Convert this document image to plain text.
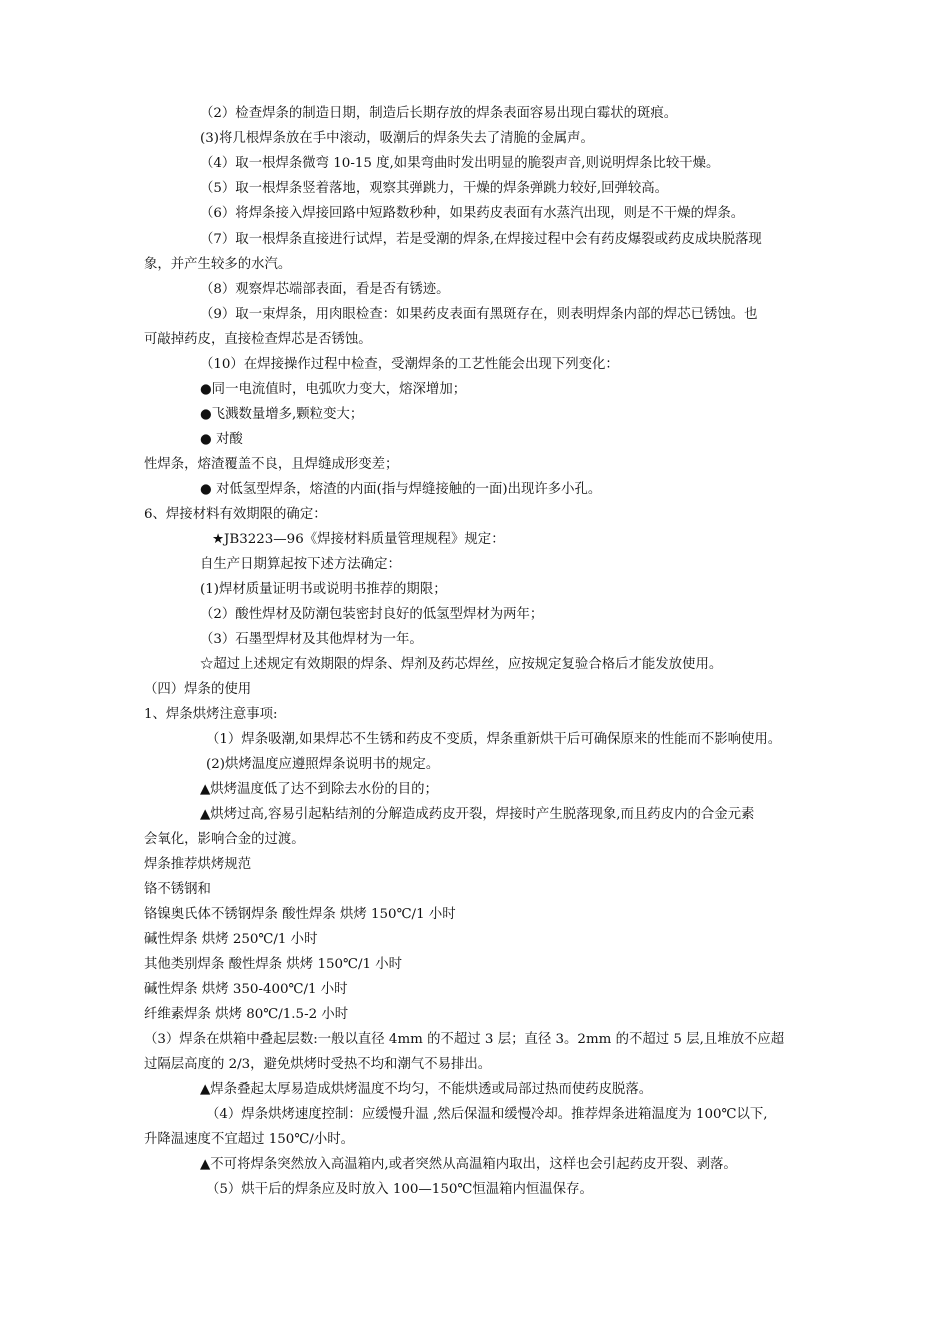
（2）检查焊条的制造日期，制造后长期存放的焊条表面容易出现白霉状的斑痕。
(3)将几根焊条放在手中滚动，吸潮后的焊条失去了清脆的金属声。
（4）取一根焊条微弯 10-15 度,如果弯曲时发出明显的脆裂声音,则说明焊条比较干燥。
（5）取一根焊条竖着落地，观察其弹跳力，干燥的焊条弹跳力较好,回弹较高。
（6）将焊条接入焊接回路中短路数秒种，如果药皮表面有水蒸汽出现，则是不干燥的焊条。
（7）取一根焊条直接进行试焊，若是受潮的焊条,在焊接过程中会有药皮爆裂或药皮成块脱落现
象，并产生较多的水汽。
（8）观察焊芯端部表面，看是否有锈迹。
（9）取一束焊条，用肉眼检查：如果药皮表面有黑斑存在，则表明焊条内部的焊芯已锈蚀。也
可敲掉药皮，直接检查焊芯是否锈蚀。
（10）在焊接操作过程中检查，受潮焊条的工艺性能会出现下列变化：
●同一电流值时，电弧吹力变大，熔深增加；
●飞溅数量增多,颗粒变大；
● 对酸
性焊条，熔渣覆盖不良，且焊缝成形变差；
● 对低氢型焊条，熔渣的内面(指与焊缝接触的一面)出现许多小孔。
6、焊接材料有效期限的确定：
★JB3223—96《焊接材料质量管理规程》规定：
自生产日期算起按下述方法确定：
(1)焊材质量证明书或说明书推荐的期限；
（2）酸性焊材及防潮包装密封良好的低氢型焊材为两年；
（3）石墨型焊材及其他焊材为一年。
☆超过上述规定有效期限的焊条、焊剂及药芯焊丝，应按规定复验合格后才能发放使用。
（四）焊条的使用
1、焊条烘烤注意事项:
（1）焊条吸潮,如果焊芯不生锈和药皮不变质，焊条重新烘干后可确保原来的性能而不影响使用。
(2)烘烤温度应遵照焊条说明书的规定。
▲烘烤温度低了达不到除去水份的目的；
▲烘烤过高,容易引起粘结剂的分解造成药皮开裂，焊接时产生脱落现象,而且药皮内的合金元素
会氧化，影响合金的过渡。
焊条推荐烘烤规范
铬不锈钢和
铬镍奥氏体不锈钢焊条 酸性焊条 烘烤 150℃/1 小时
碱性焊条 烘烤 250℃/1 小时
其他类别焊条 酸性焊条 烘烤 150℃/1 小时
碱性焊条 烘烤 350-400℃/1 小时
纤维素焊条 烘烤 80℃/1.5-2 小时
（3）焊条在烘箱中叠起层数:一般以直径 4mm 的不超过 3 层；直径 3。2mm 的不超过 5 层,且堆放不应超
过隔层高度的 2/3，避免烘烤时受热不均和潮气不易排出。
▲焊条叠起太厚易造成烘烤温度不均匀，不能烘透或局部过热而使药皮脱落。
（4）焊条烘烤速度控制：应缓慢升温 ,然后保温和缓慢冷却。推荐焊条进箱温度为 100℃以下,
升降温速度不宜超过 150℃/小时。
▲不可将焊条突然放入高温箱内,或者突然从高温箱内取出，这样也会引起药皮开裂、剥落。
（5）烘干后的焊条应及时放入 100—150℃恒温箱内恒温保存。
